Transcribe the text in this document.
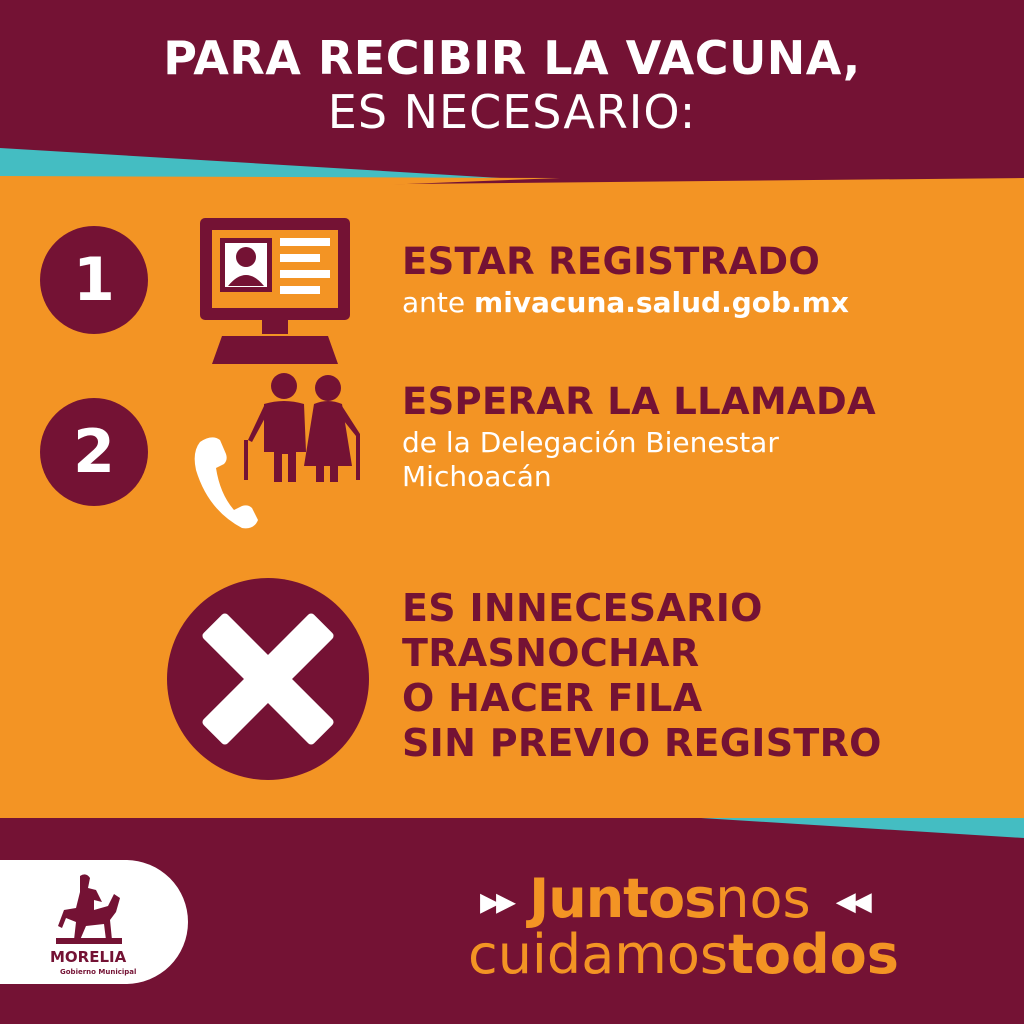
PARA RECIBIR LA VACUNA,
ES NECESARIO:
1	ESTAR REGISTRADO
ante mivacuna.salud.gob.mx
2
ESPERAR LA LLAMADA
de la Delegación Bienestar
Michoacán
ES INNECESARIO
TRASNOCHAR
O HACER FILA
SIN PREVIO REGISTRO
MORELIA
Gobierno Municipal
▶▶ Juntosnos ◀◀
cuidamostodos
